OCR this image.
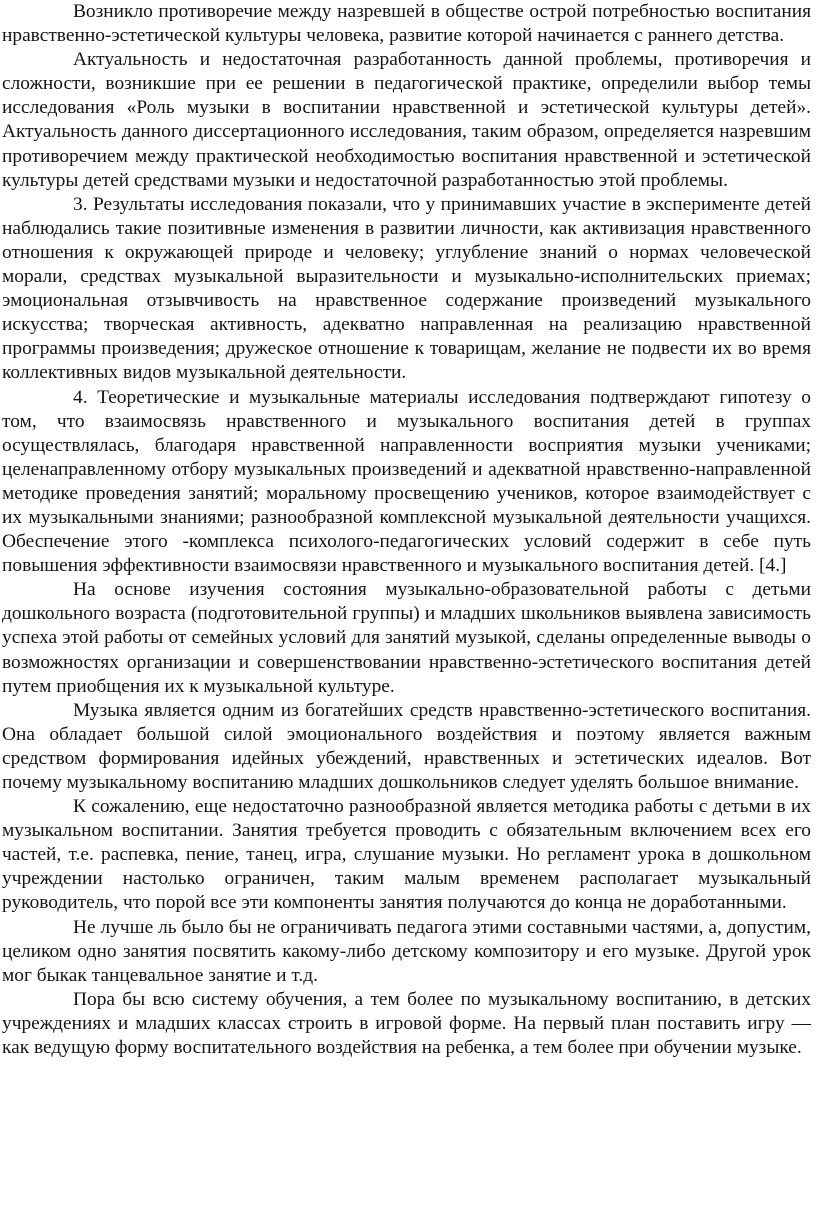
Возникло противоречие между назревшей в обществе острой потребностью воспитания нравственно-эстетической культуры человека, развитие которой начинается с раннего детства.

Актуальность и недостаточная разработанность данной проблемы, противоречия и сложности, возникшие при ее решении в педагогической практике, определили выбор темы исследования «Роль музыки в воспитании нравственной и эстетической культуры детей». Актуальность данного диссертационного исследования, таким образом, определяется назревшим противоречием между практической необходимостью воспитания нравственной и эстетической культуры детей средствами музыки и недостаточной разработанностью этой проблемы.

3. Результаты исследования показали, что у принимавших участие в эксперименте детей наблюдались такие позитивные изменения в развитии личности, как активизация нравственного отношения к окружающей природе и человеку; углубление знаний о нормах человеческой морали, средствах музыкальной выразительности и музыкально-исполнительских приемах; эмоциональная отзывчивость на нравственное содержание произведений музыкального искусства; творческая активность, адекватно направленная на реализацию нравственной программы произведения; дружеское отношение к товарищам, желание не подвести их во время коллективных видов музыкальной деятельности.

4. Теоретические и музыкальные материалы исследования подтверждают гипотезу о том, что взаимосвязь нравственного и музыкального воспитания детей в группах осуществлялась, благодаря нравственной направленности восприятия музыки учениками; целенаправленному отбору музыкальных произведений и адекватной нравственно-направленной методике проведения занятий; моральному просвещению учеников, которое взаимодействует с их музыкальными знаниями; разнообразной комплексной музыкальной деятельности учащихся. Обеспечение этого -комплекса психолого-педагогических условий содержит в себе путь повышения эффективности взаимосвязи нравственного и музыкального воспитания детей. [4.]

На основе изучения состояния музыкально-образовательной работы с детьми дошкольного возраста (подготовительной группы) и младших школьников выявлена зависимость успеха этой работы от семейных условий для занятий музыкой, сделаны определенные выводы о возможностях организации и совершенствовании нравственно-эстетического воспитания детей путем приобщения их к музыкальной культуре.

Музыка является одним из богатейших средств нравственно-эстетического воспитания. Она обладает большой силой эмоционального воздействия и поэтому является важным средством формирования идейных убеждений, нравственных и эстетических идеалов. Вот почему музыкальному воспитанию младших дошкольников следует уделять большое внимание.

К сожалению, еще недостаточно разнообразной является методика работы с детьми в их музыкальном воспитании. Занятия требуется проводить с обязательным включением всех его частей, т.е. распевка, пение, танец, игра, слушание музыки. Но регламент урока в дошкольном учреждении настолько ограничен, таким малым временем располагает музыкальный руководитель, что порой все эти компоненты занятия получаются до конца не доработанными.

Не лучше ль было бы не ограничивать педагога этими составными частями, а, допустим, целиком одно занятия посвятить какому-либо детскому композитору и его музыке. Другой урок мог быкак танцевальное занятие и т.д.

Пора бы всю систему обучения, а тем более по музыкальному воспитанию, в детских учреждениях и младших классах строить в игровой форме. На первый план поставить игру — как ведущую форму воспитательного воздействия на ребенка, а тем более при обучении музыке.
